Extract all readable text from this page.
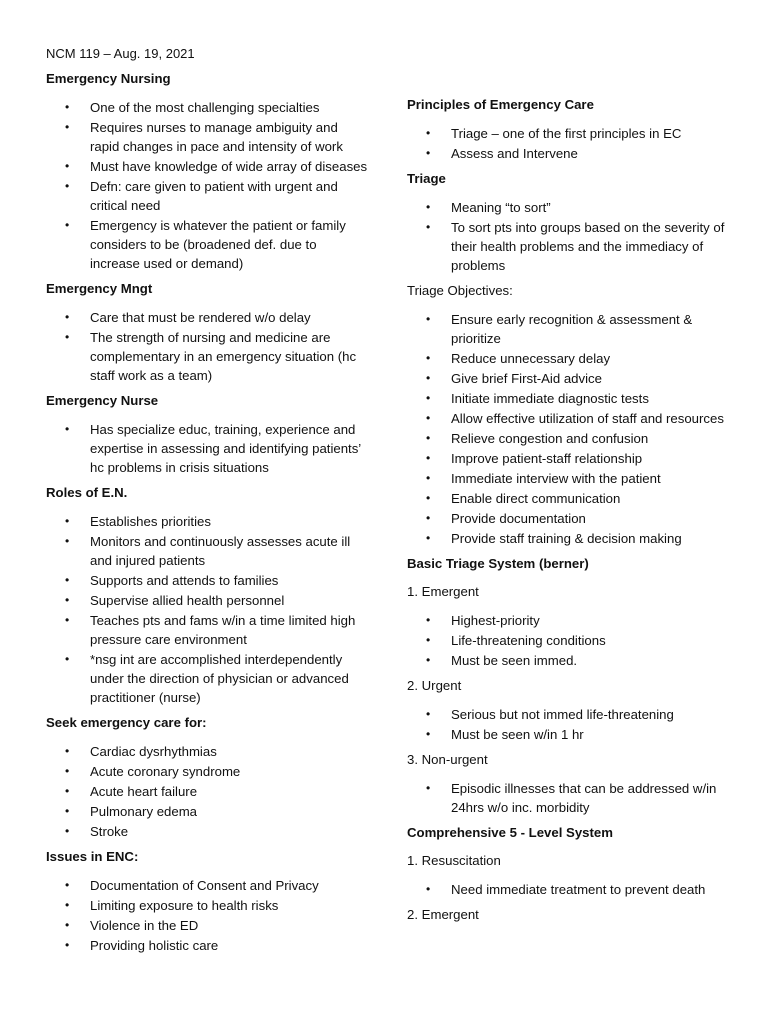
NCM 119 – Aug. 19, 2021
Emergency Nursing
• One of the most challenging specialties
• Requires nurses to manage ambiguity and rapid changes in pace and intensity of work
• Must have knowledge of wide array of diseases
• Defn: care given to patient with urgent and critical need
• Emergency is whatever the patient or family considers to be (broadened def. due to increase used or demand)
Emergency Mngt
• Care that must be rendered w/o delay
• The strength of nursing and medicine are complementary in an emergency situation (hc staff work as a team)
Emergency Nurse
• Has specialize educ, training, experience and expertise in assessing and identifying patients’ hc problems in crisis situations
Roles of E.N.
• Establishes priorities
• Monitors and continuously assesses acute ill and injured patients
• Supports and attends to families
• Supervise allied health personnel
• Teaches pts and fams w/in a time limited high pressure care environment
• *nsg int are accomplished interdependently under the direction of physician or advanced practitioner (nurse)
Seek emergency care for:
• Cardiac dysrhythmias
• Acute coronary syndrome
• Acute heart failure
• Pulmonary edema
• Stroke
Issues in ENC:
• Documentation of Consent and Privacy
• Limiting exposure to health risks
• Violence in the ED
• Providing holistic care
Principles of Emergency Care
• Triage – one of the first principles in EC
• Assess and Intervene
Triage
• Meaning “to sort”
• To sort pts into groups based on the severity of their health problems and the immediacy of problems

Triage Objectives:

• Ensure early recognition & assessment & prioritize
• Reduce unnecessary delay
• Give brief First-Aid advice
• Initiate immediate diagnostic tests
• Allow effective utilization of staff and resources
• Relieve congestion and confusion
• Improve patient-staff relationship
• Immediate interview with the patient
• Enable direct communication
• Provide documentation
• Provide staff training & decision making
Basic Triage System (berner)

1. Emergent

• Highest-priority
• Life-threatening conditions
• Must be seen immed.

2. Urgent

• Serious but not immed life-threatening
• Must be seen w/in 1 hr

3. Non-urgent

• Episodic illnesses that can be addressed w/in 24hrs w/o inc. morbidity
Comprehensive 5 - Level System

1. Resuscitation

• Need immediate treatment to prevent death

2. Emergent
